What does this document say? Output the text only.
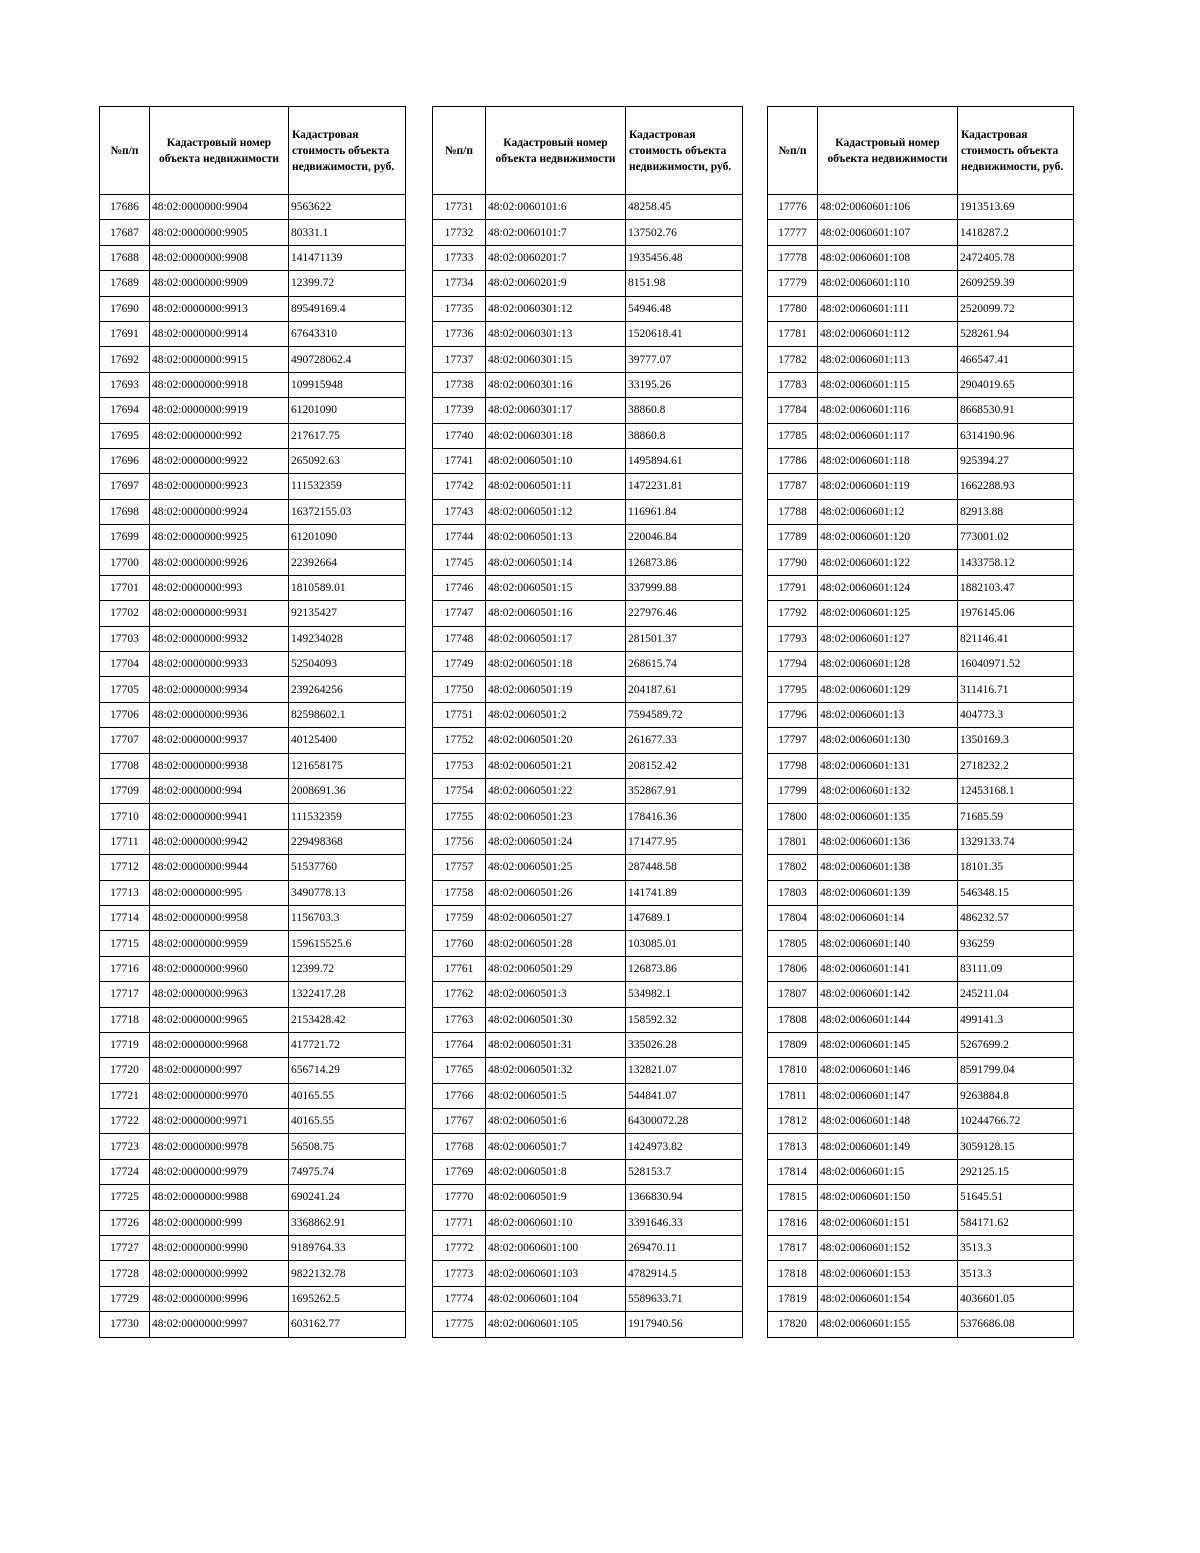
№п/п	Кадастровый номер объекта недвижимости	Кадастровая стоимость объекта недвижимости, руб.
17686	48:02:0000000:9904	9563622
17687	48:02:0000000:9905	80331.1
17688	48:02:0000000:9908	141471139
17689	48:02:0000000:9909	12399.72
17690	48:02:0000000:9913	89549169.4
17691	48:02:0000000:9914	67643310
17692	48:02:0000000:9915	490728062.4
17693	48:02:0000000:9918	109915948
17694	48:02:0000000:9919	61201090
17695	48:02:0000000:992	217617.75
17696	48:02:0000000:9922	265092.63
17697	48:02:0000000:9923	111532359
17698	48:02:0000000:9924	16372155.03
17699	48:02:0000000:9925	61201090
17700	48:02:0000000:9926	22392664
17701	48:02:0000000:993	1810589.01
17702	48:02:0000000:9931	92135427
17703	48:02:0000000:9932	149234028
17704	48:02:0000000:9933	52504093
17705	48:02:0000000:9934	239264256
17706	48:02:0000000:9936	82598602.1
17707	48:02:0000000:9937	40125400
17708	48:02:0000000:9938	121658175
17709	48:02:0000000:994	2008691.36
17710	48:02:0000000:9941	111532359
17711	48:02:0000000:9942	229498368
17712	48:02:0000000:9944	51537760
17713	48:02:0000000:995	3490778.13
17714	48:02:0000000:9958	1156703.3
17715	48:02:0000000:9959	159615525.6
17716	48:02:0000000:9960	12399.72
17717	48:02:0000000:9963	1322417.28
17718	48:02:0000000:9965	2153428.42
17719	48:02:0000000:9968	417721.72
17720	48:02:0000000:997	656714.29
17721	48:02:0000000:9970	40165.55
17722	48:02:0000000:9971	40165.55
17723	48:02:0000000:9978	56508.75
17724	48:02:0000000:9979	74975.74
17725	48:02:0000000:9988	690241.24
17726	48:02:0000000:999	3368862.91
17727	48:02:0000000:9990	9189764.33
17728	48:02:0000000:9992	9822132.78
17729	48:02:0000000:9996	1695262.5
17730	48:02:0000000:9997	603162.77
№п/п	Кадастровый номер объекта недвижимости	Кадастровая стоимость объекта недвижимости, руб.
17731	48:02:0060101:6	48258.45
17732	48:02:0060101:7	137502.76
17733	48:02:0060201:7	1935456.48
17734	48:02:0060201:9	8151.98
17735	48:02:0060301:12	54946.48
17736	48:02:0060301:13	1520618.41
17737	48:02:0060301:15	39777.07
17738	48:02:0060301:16	33195.26
17739	48:02:0060301:17	38860.8
17740	48:02:0060301:18	38860.8
17741	48:02:0060501:10	1495894.61
17742	48:02:0060501:11	1472231.81
17743	48:02:0060501:12	116961.84
17744	48:02:0060501:13	220046.84
17745	48:02:0060501:14	126873.86
17746	48:02:0060501:15	337999.88
17747	48:02:0060501:16	227976.46
17748	48:02:0060501:17	281501.37
17749	48:02:0060501:18	268615.74
17750	48:02:0060501:19	204187.61
17751	48:02:0060501:2	7594589.72
17752	48:02:0060501:20	261677.33
17753	48:02:0060501:21	208152.42
17754	48:02:0060501:22	352867.91
17755	48:02:0060501:23	178416.36
17756	48:02:0060501:24	171477.95
17757	48:02:0060501:25	287448.58
17758	48:02:0060501:26	141741.89
17759	48:02:0060501:27	147689.1
17760	48:02:0060501:28	103085.01
17761	48:02:0060501:29	126873.86
17762	48:02:0060501:3	534982.1
17763	48:02:0060501:30	158592.32
17764	48:02:0060501:31	335026.28
17765	48:02:0060501:32	132821.07
17766	48:02:0060501:5	544841.07
17767	48:02:0060501:6	64300072.28
17768	48:02:0060501:7	1424973.82
17769	48:02:0060501:8	528153.7
17770	48:02:0060501:9	1366830.94
17771	48:02:0060601:10	3391646.33
17772	48:02:0060601:100	269470.11
17773	48:02:0060601:103	4782914.5
17774	48:02:0060601:104	5589633.71
17775	48:02:0060601:105	1917940.56
№п/п	Кадастровый номер объекта недвижимости	Кадастровая стоимость объекта недвижимости, руб.
17776	48:02:0060601:106	1913513.69
17777	48:02:0060601:107	1418287.2
17778	48:02:0060601:108	2472405.78
17779	48:02:0060601:110	2609259.39
17780	48:02:0060601:111	2520099.72
17781	48:02:0060601:112	528261.94
17782	48:02:0060601:113	466547.41
17783	48:02:0060601:115	2904019.65
17784	48:02:0060601:116	8668530.91
17785	48:02:0060601:117	6314190.96
17786	48:02:0060601:118	925394.27
17787	48:02:0060601:119	1662288.93
17788	48:02:0060601:12	82913.88
17789	48:02:0060601:120	773001.02
17790	48:02:0060601:122	1433758.12
17791	48:02:0060601:124	1882103.47
17792	48:02:0060601:125	1976145.06
17793	48:02:0060601:127	821146.41
17794	48:02:0060601:128	16040971.52
17795	48:02:0060601:129	311416.71
17796	48:02:0060601:13	404773.3
17797	48:02:0060601:130	1350169.3
17798	48:02:0060601:131	2718232.2
17799	48:02:0060601:132	12453168.1
17800	48:02:0060601:135	71685.59
17801	48:02:0060601:136	1329133.74
17802	48:02:0060601:138	18101.35
17803	48:02:0060601:139	546348.15
17804	48:02:0060601:14	486232.57
17805	48:02:0060601:140	936259
17806	48:02:0060601:141	83111.09
17807	48:02:0060601:142	245211.04
17808	48:02:0060601:144	499141.3
17809	48:02:0060601:145	5267699.2
17810	48:02:0060601:146	8591799.04
17811	48:02:0060601:147	9263884.8
17812	48:02:0060601:148	10244766.72
17813	48:02:0060601:149	3059128.15
17814	48:02:0060601:15	292125.15
17815	48:02:0060601:150	51645.51
17816	48:02:0060601:151	584171.62
17817	48:02:0060601:152	3513.3
17818	48:02:0060601:153	3513.3
17819	48:02:0060601:154	4036601.05
17820	48:02:0060601:155	5376686.08
